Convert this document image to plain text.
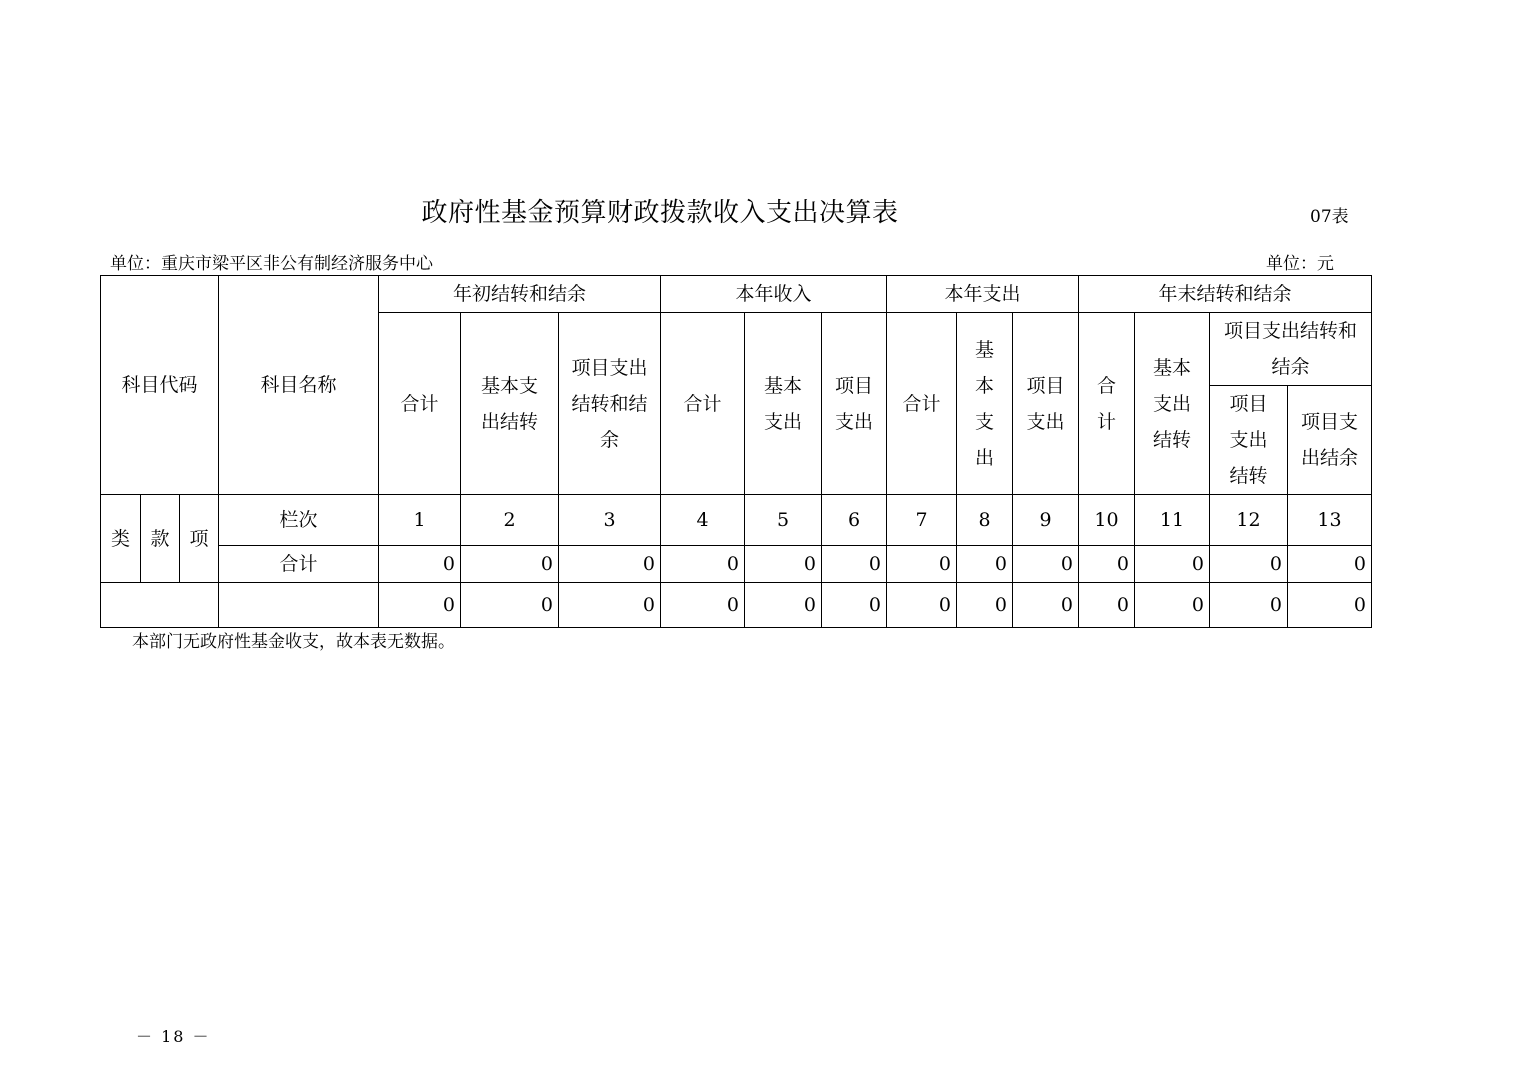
政府性基金预算财政拨款收入支出决算表	07表
单位：重庆市梁平区非公有制经济服务中心	单位：元
科目代码			科目名称	年初结转和结余			本年收入			本年支出			年末结转和结余			
				合计	基本支出结转	项目支出结转和结余	合计	基本支出	项目支出	合计	基本支出	项目支出	合计	基本支出结转	项目支出结转和结余	

															项目支出结转	项目支出结余

类	款	项	栏次	1	2	3	4	5	6	7	8	9	10	11	12	13
			合计	0	0	0	0	0	0	0	0	0	0	0	0	0
				0	0	0	0	0	0	0	0	0	0	0	0	0
本部门无政府性基金收支，故本表无数据。
－ 18 －
